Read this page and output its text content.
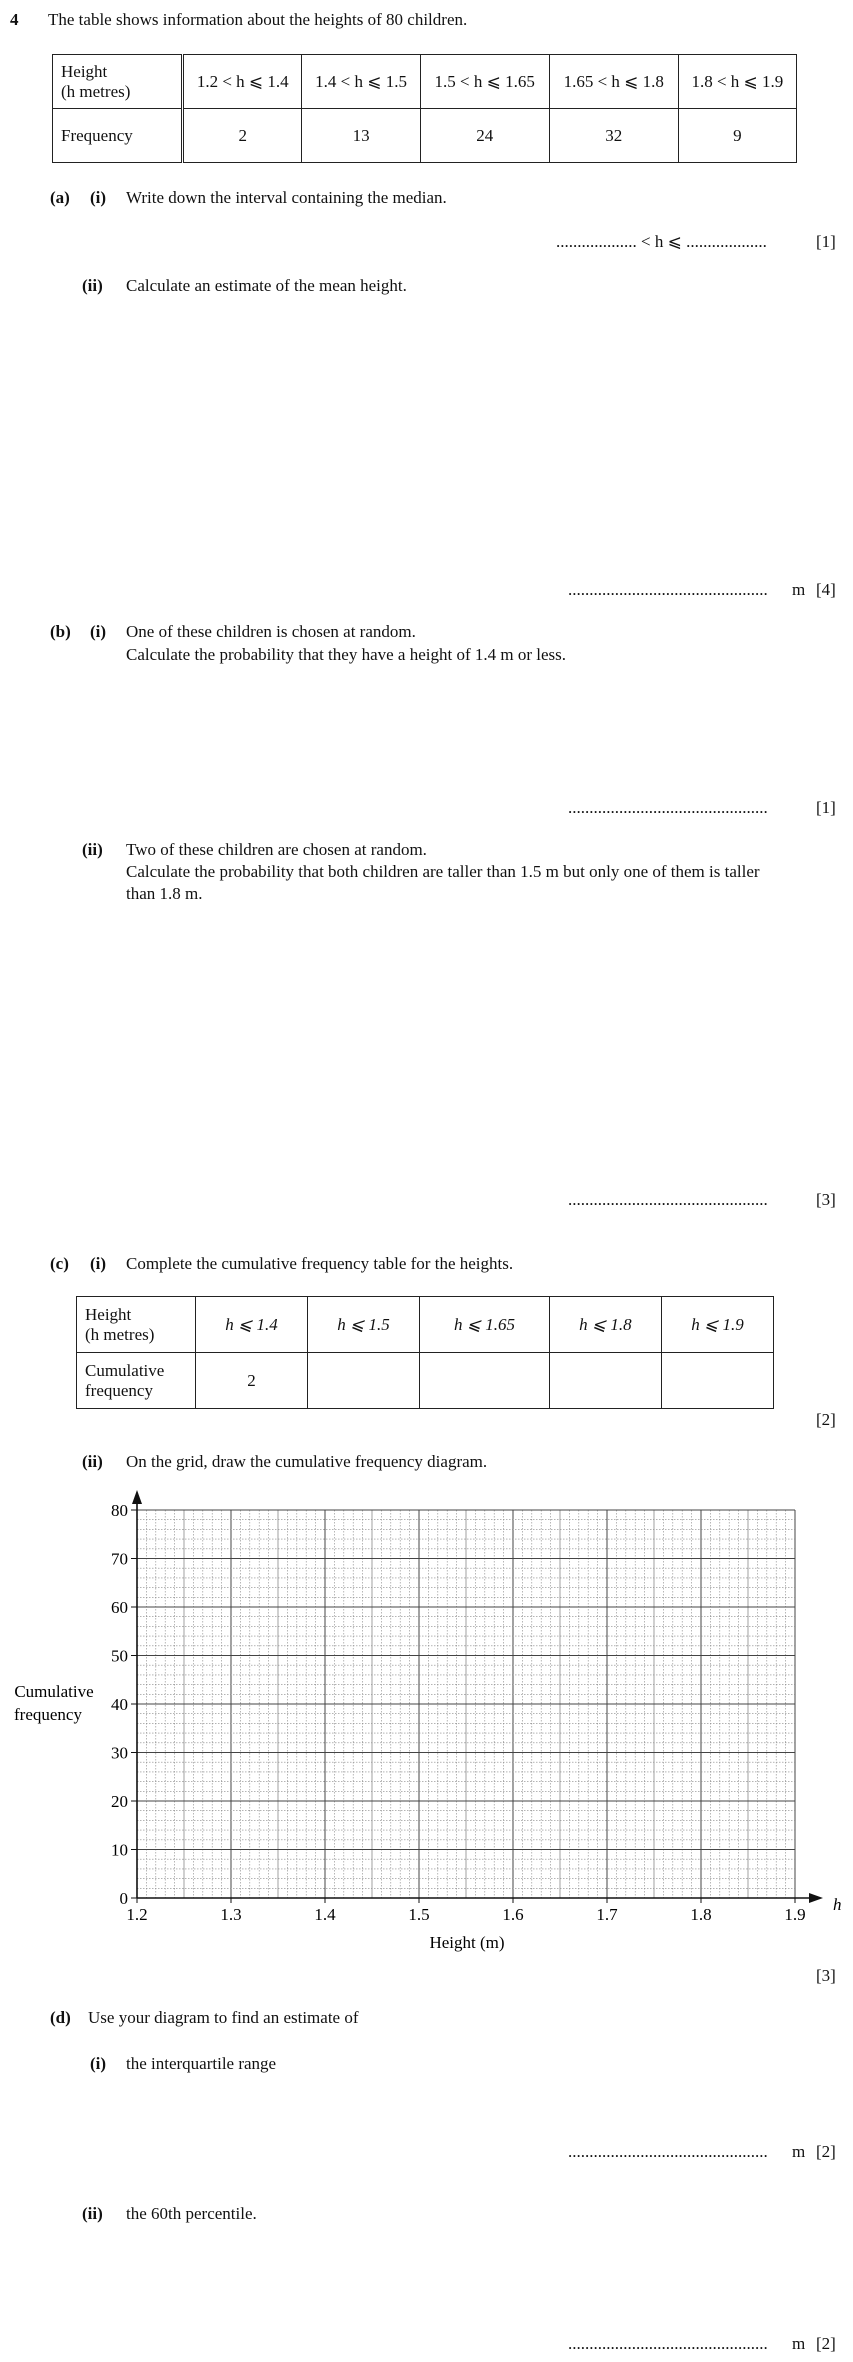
4 The table shows information about the heights of 80 children.
Height
(h metres)	1.2 < h ⩽ 1.4	1.4 < h ⩽ 1.5	1.5 < h ⩽ 1.65	1.65 < h ⩽ 1.8	1.8 < h ⩽ 1.9
Frequency	2	13	24	32	9
(a) (i) Write down the interval containing the median.
................... < h ⩽ ...................	[1]
(ii) Calculate an estimate of the mean height.
............................................... m [4]
(b) (i) One of these children is chosen at random.
Calculate the probability that they have a height of 1.4 m or less.
...............................................	[1]
(ii) Two of these children are chosen at random.
Calculate the probability that both children are taller than 1.5 m but only one of them is taller
than 1.8 m.
...............................................	[3]
(c) (i) Complete the cumulative frequency table for the heights.
Height
(h metres)	h ⩽ 1.4	h ⩽ 1.5	h ⩽ 1.65	h ⩽ 1.8	h ⩽ 1.9

Cumulative
frequency	2				
[2]
(ii) On the grid, draw the cumulative frequency diagram.
1.2	1.3	1.4	1.5	1.6	1.7	1.8	1.9
0
10
20
30
40
50
60
70
80
Cumulative
frequency
Height (m)
h
[3]
(d) Use your diagram to find an estimate of
(i) the interquartile range
............................................... m [2]
(ii) the 60th percentile.
............................................... m [2]
